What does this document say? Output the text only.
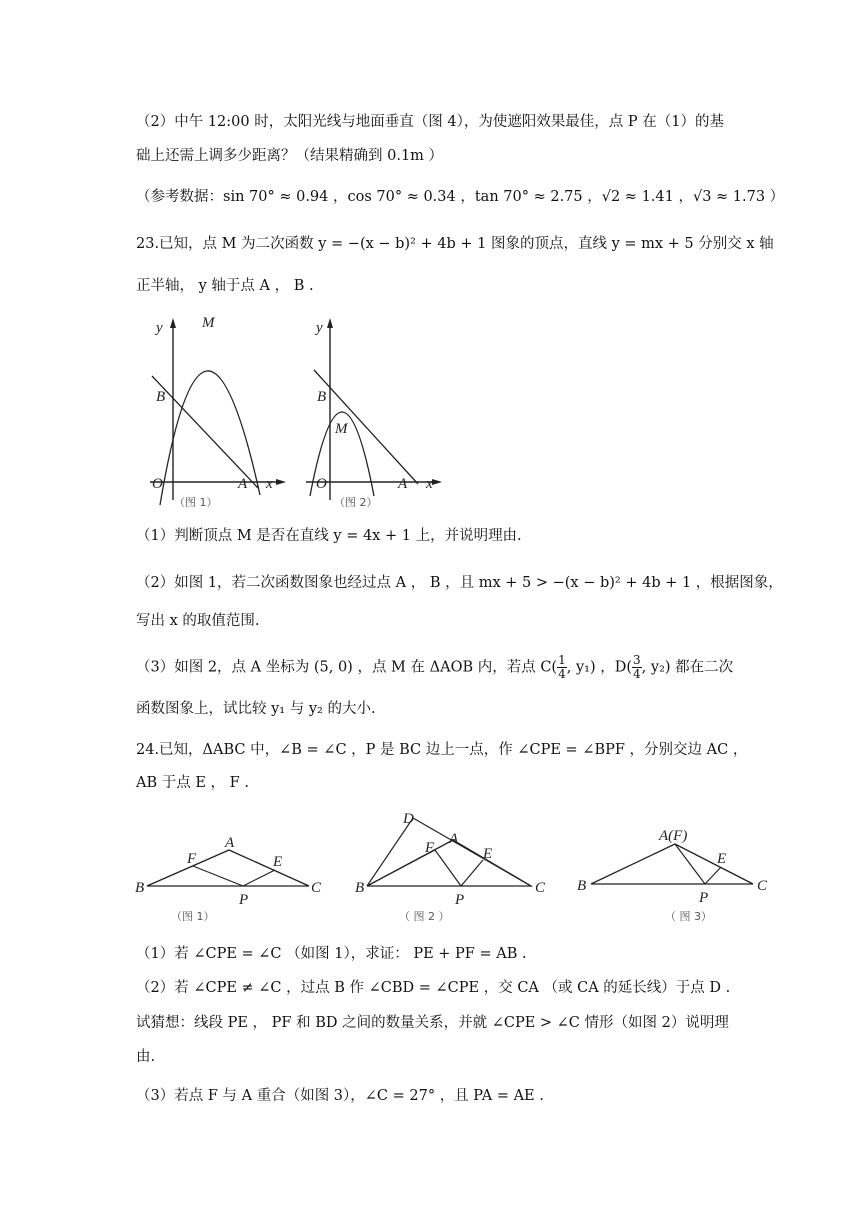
（2）中午 12:00 时，太阳光线与地面垂直（图 4），为使遮阳效果最佳，点 P 在（1）的基
础上还需上调多少距离？（结果精确到 0.1m ）
（参考数据：sin 70° ≈ 0.94 ，cos 70° ≈ 0.34 ，tan 70° ≈ 2.75 ，√2 ≈ 1.41 ，√3 ≈ 1.73 ）
23.已知，点 M 为二次函数 y = −(x − b)² + 4b + 1 图象的顶点，直线 y = mx + 5 分别交 x 轴
正半轴， y 轴于点 A ， B .
y	M
B
O	A x
（图 1）
y
B
M
O	A x
（图 2）
（1）判断顶点 M 是否在直线 y = 4x + 1 上，并说明理由.
（2）如图 1，若二次函数图象也经过点 A ， B ，且 mx + 5 > −(x − b)² + 4b + 1 ，根据图象，
写出 x 的取值范围.
（3）如图 2，点 A 坐标为 (5, 0) ，点 M 在 ΔAOB 内，若点 $C( \frac{1}{4}$ , y₁) ，$D( \frac{3}{4}$ , y₂) 都在二次
函数图象上，试比较 y₁ 与 y₂ 的大小.
24.已知，ΔABC 中，∠B = ∠C ，P 是 BC 边上一点，作 ∠CPE = ∠BPF ，分别交边 AC ，
AB 于点 E ， F .
A
F	E
B
P
C
（图 1）
D
A
F	E
B
P
C
（ 图 2 ）
A(F)
E
B
P
C
（ 图 3）
（1）若 ∠CPE = ∠C （如图 1），求证： PE + PF = AB .
（2）若 ∠CPE ≠ ∠C ，过点 B 作 ∠CBD = ∠CPE ，交 CA （或 CA 的延长线）于点 D .
试猜想：线段 PE ， PF 和 BD 之间的数量关系，并就 ∠CPE > ∠C 情形（如图 2）说明理
由.
（3）若点 F 与 A 重合（如图 3），∠C = 27° ，且 PA = AE .
